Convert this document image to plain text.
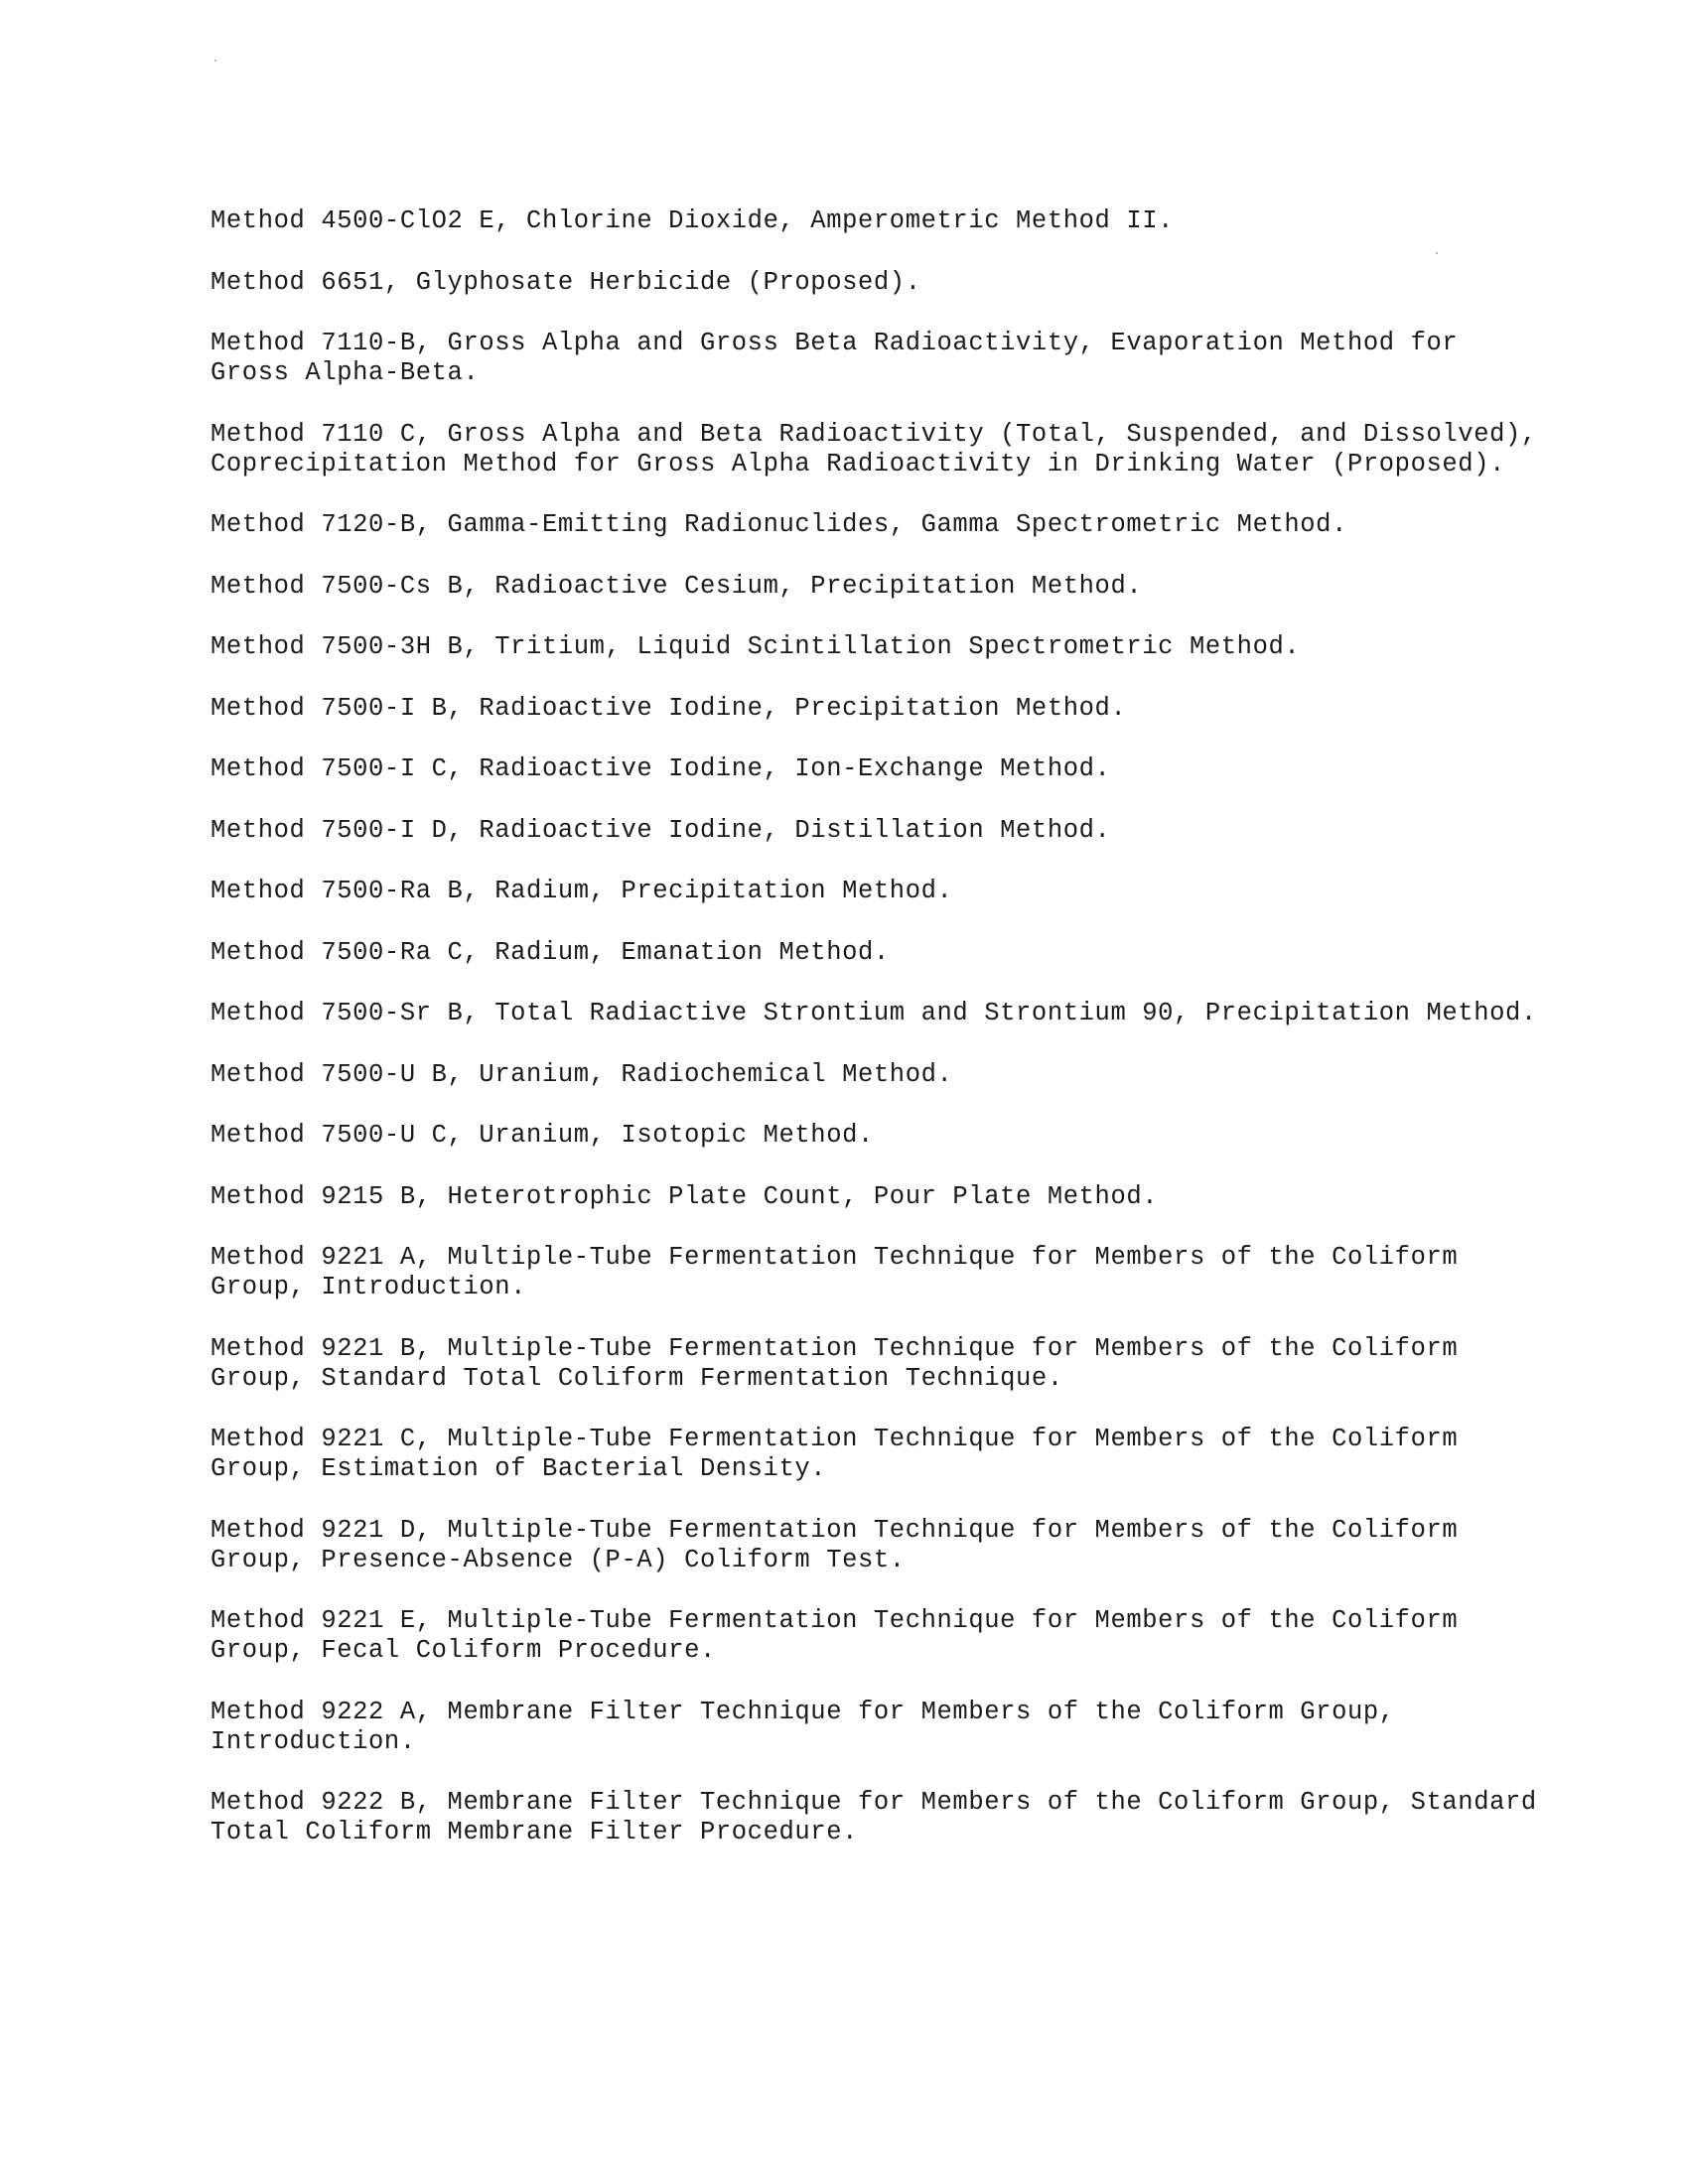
Method 4500-ClO2 E, Chlorine Dioxide, Amperometric Method II.
Method 6651, Glyphosate Herbicide (Proposed).
Method 7110-B, Gross Alpha and Gross Beta Radioactivity, Evaporation Method for Gross Alpha-Beta.
Method 7110 C, Gross Alpha and Beta Radioactivity (Total, Suspended, and Dissolved), Coprecipitation Method for Gross Alpha Radioactivity in Drinking Water (Proposed).
Method 7120-B, Gamma-Emitting Radionuclides, Gamma Spectrometric Method.
Method 7500-Cs B, Radioactive Cesium, Precipitation Method.
Method 7500-3H B, Tritium, Liquid Scintillation Spectrometric Method.
Method 7500-I B, Radioactive Iodine, Precipitation Method.
Method 7500-I C, Radioactive Iodine, Ion-Exchange Method.
Method 7500-I D, Radioactive Iodine, Distillation Method.
Method 7500-Ra B, Radium, Precipitation Method.
Method 7500-Ra C, Radium, Emanation Method.
Method 7500-Sr B, Total Radiactive Strontium and Strontium 90, Precipitation Method.
Method 7500-U B, Uranium, Radiochemical Method.
Method 7500-U C, Uranium, Isotopic Method.
Method 9215 B, Heterotrophic Plate Count, Pour Plate Method.
Method 9221 A, Multiple-Tube Fermentation Technique for Members of the Coliform Group, Introduction.
Method 9221 B, Multiple-Tube Fermentation Technique for Members of the Coliform Group, Standard Total Coliform Fermentation Technique.
Method 9221 C, Multiple-Tube Fermentation Technique for Members of the Coliform Group, Estimation of Bacterial Density.
Method 9221 D, Multiple-Tube Fermentation Technique for Members of the Coliform Group, Presence-Absence (P-A) Coliform Test.
Method 9221 E, Multiple-Tube Fermentation Technique for Members of the Coliform Group, Fecal Coliform Procedure.
Method 9222 A, Membrane Filter Technique for Members of the Coliform Group, Introduction.
Method 9222 B, Membrane Filter Technique for Members of the Coliform Group, Standard Total Coliform Membrane Filter Procedure.
